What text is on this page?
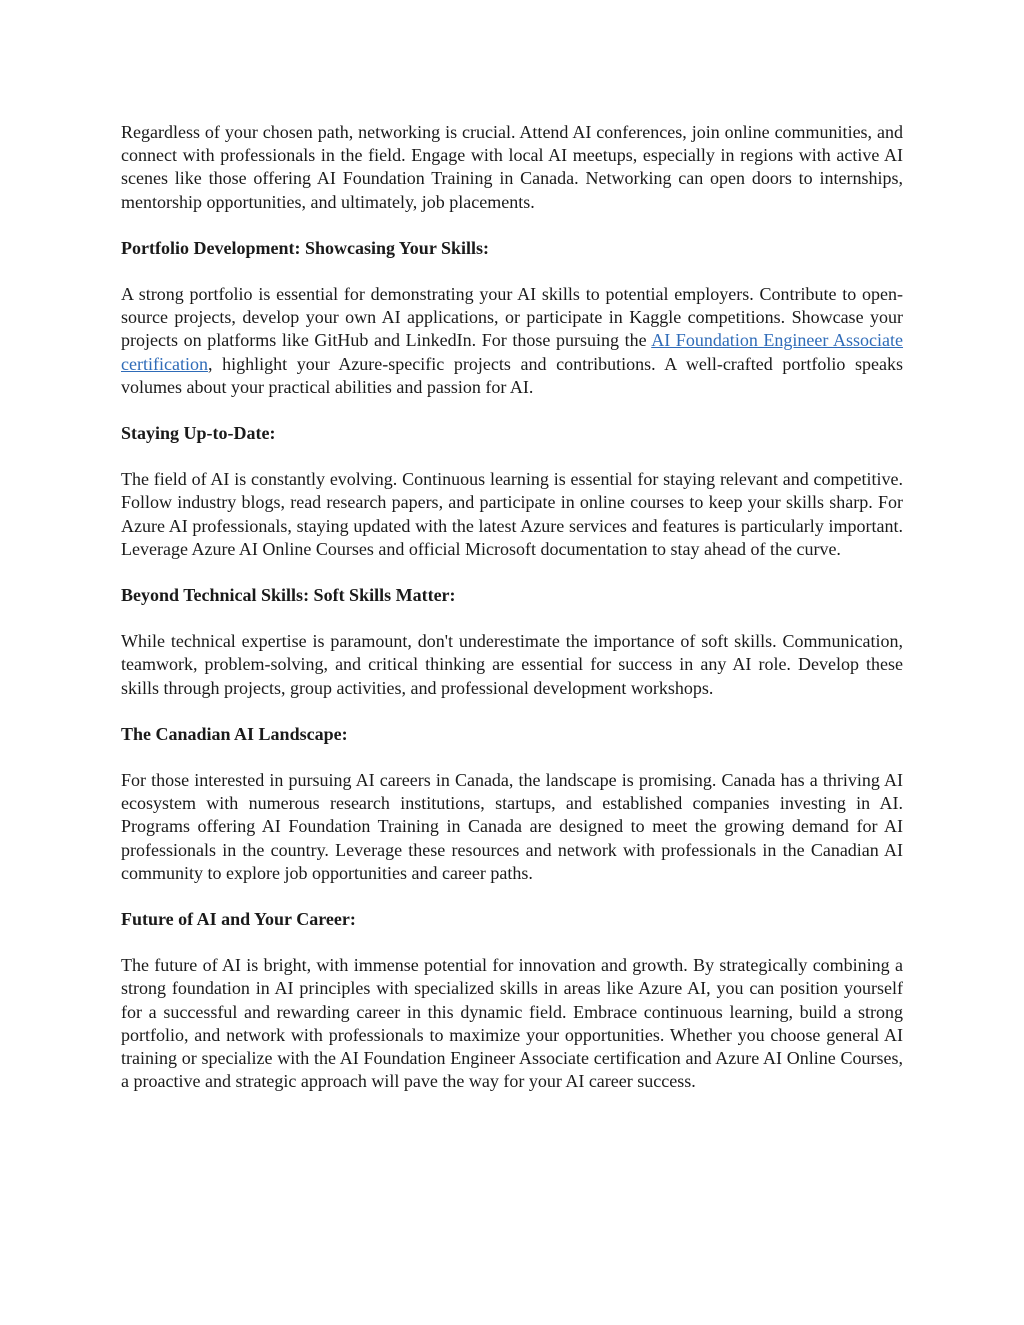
Regardless of your chosen path, networking is crucial. Attend AI conferences, join online communities, and connect with professionals in the field. Engage with local AI meetups, especially in regions with active AI scenes like those offering AI Foundation Training in Canada. Networking can open doors to internships, mentorship opportunities, and ultimately, job placements.

Portfolio Development: Showcasing Your Skills:

A strong portfolio is essential for demonstrating your AI skills to potential employers. Contribute to open-source projects, develop your own AI applications, or participate in Kaggle competitions. Showcase your projects on platforms like GitHub and LinkedIn. For those pursuing the AI Foundation Engineer Associate certification, highlight your Azure-specific projects and contributions. A well-crafted portfolio speaks volumes about your practical abilities and passion for AI.

Staying Up-to-Date:

The field of AI is constantly evolving. Continuous learning is essential for staying relevant and competitive. Follow industry blogs, read research papers, and participate in online courses to keep your skills sharp. For Azure AI professionals, staying updated with the latest Azure services and features is particularly important. Leverage Azure AI Online Courses and official Microsoft documentation to stay ahead of the curve.

Beyond Technical Skills: Soft Skills Matter:

While technical expertise is paramount, don't underestimate the importance of soft skills. Communication, teamwork, problem-solving, and critical thinking are essential for success in any AI role. Develop these skills through projects, group activities, and professional development workshops.

The Canadian AI Landscape:

For those interested in pursuing AI careers in Canada, the landscape is promising. Canada has a thriving AI ecosystem with numerous research institutions, startups, and established companies investing in AI. Programs offering AI Foundation Training in Canada are designed to meet the growing demand for AI professionals in the country. Leverage these resources and network with professionals in the Canadian AI community to explore job opportunities and career paths.

Future of AI and Your Career:

The future of AI is bright, with immense potential for innovation and growth. By strategically combining a strong foundation in AI principles with specialized skills in areas like Azure AI, you can position yourself for a successful and rewarding career in this dynamic field. Embrace continuous learning, build a strong portfolio, and network with professionals to maximize your opportunities. Whether you choose general AI training or specialize with the AI Foundation Engineer Associate certification and Azure AI Online Courses, a proactive and strategic approach will pave the way for your AI career success.
